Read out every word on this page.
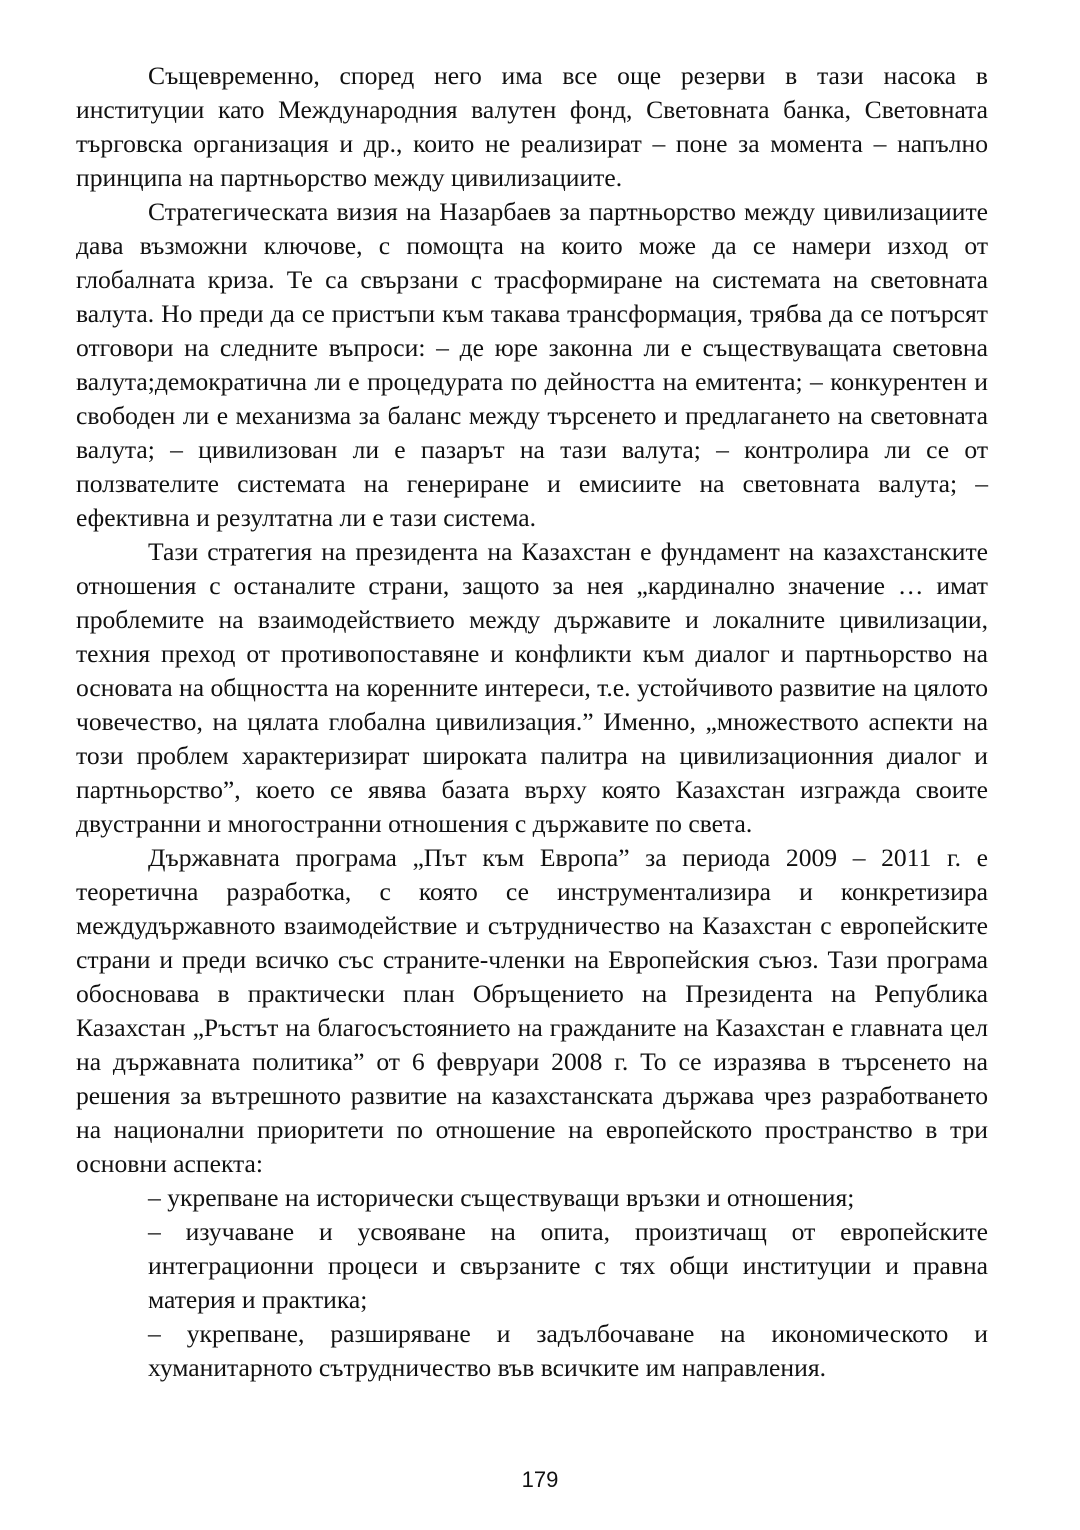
Същевременно, според него има все още резерви в тази насока в институции като Международния валутен фонд, Световната банка, Световната търговска организация и др., които не реализират – поне за момента – напълно принципа на партньорство между цивилизациите.

Стратегическата визия на Назарбаев за партньорство между цивилизациите дава възможни ключове, с помощта на които може да се намери изход от глобалната криза. Те са свързани с трасформиране на системата на световната валута. Но преди да се пристъпи към такава трансформация, трябва да се потърсят отговори на следните въпроси: – де юре законна ли е съществуващата световна валута;демократична ли е процедурата по дейността на емитента; – конкурентен и свободен ли е механизма за баланс между търсенето и предлагането на световната валута; – цивилизован ли е пазарът на тази валута; – контролира ли се от ползвателите системата на генериране и емисиите на световната валута; – ефективна и резултатна ли е тази система.

Тази стратегия на президента на Казахстан е фундамент на казахстанските отношения с останалите страни, защото за нея „кардинално значение … имат проблемите на взаимодействието между държавите и локалните цивилизации, техния преход от противопоставяне и конфликти към диалог и партньорство на основата на общността на коренните интереси, т.е. устойчивото развитие на цялото човечество, на цялата глобална цивилизация.” Именно, „множеството аспекти на този проблем характеризират широката палитра на цивилизационния диалог и партньорство”, което се явява базата върху която Казахстан изгражда своите двустранни и многостранни отношения с държавите по света.

Държавната програма „Път към Европа” за периода 2009 – 2011 г. е теоретична разработка, с която се инструментализира и конкретизира междудържавното взаимодействие и сътрудничество на Казахстан с европейските страни и преди всичко със страните-членки на Европейския съюз. Тази програма обосновава в практически план Обръщението на Президента на Република Казахстан „Ръстът на благосъстоянието на гражданите на Казахстан е главната цел на държавната политика” от 6 февруари 2008 г. То се изразява в търсенето на решения за вътрешното развитие на казахстанската държава чрез разработването на национални приоритети по отношение на европейското пространство в три основни аспекта:

– укрепване на исторически съществуващи връзки и отношения;

– изучаване и усвояване на опита, произтичащ от европейските интеграционни процеси и свързаните с тях общи институции и правна материя и практика;

– укрепване, разширяване и задълбочаване на икономическото и хуманитарното сътрудничество във всичките им направления.

179
